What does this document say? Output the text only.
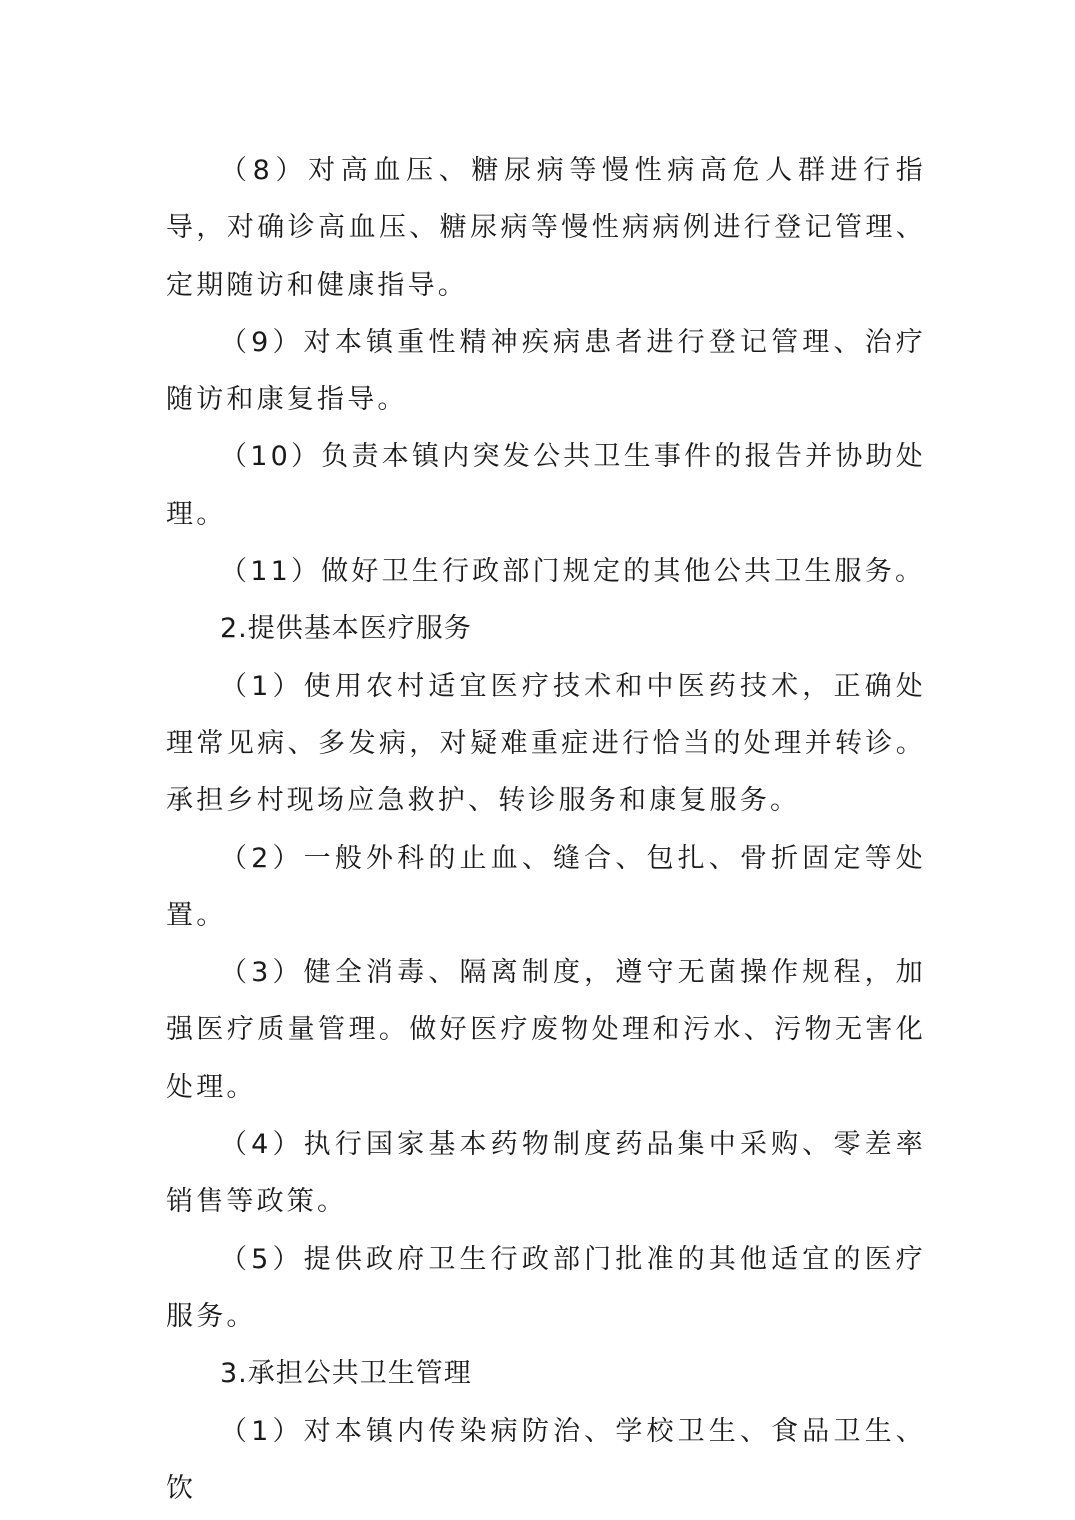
（8）对高血压、糖尿病等慢性病高危人群进行指导，对确诊高血压、糖尿病等慢性病病例进行登记管理、定期随访和健康指导。

（9）对本镇重性精神疾病患者进行登记管理、治疗随访和康复指导。

（10）负责本镇内突发公共卫生事件的报告并协助处理。

（11）做好卫生行政部门规定的其他公共卫生服务。

2.提供基本医疗服务

（1）使用农村适宜医疗技术和中医药技术，正确处理常见病、多发病，对疑难重症进行恰当的处理并转诊。承担乡村现场应急救护、转诊服务和康复服务。

（2）一般外科的止血、缝合、包扎、骨折固定等处置。

（3）健全消毒、隔离制度，遵守无菌操作规程，加强医疗质量管理。做好医疗废物处理和污水、污物无害化处理。

（4）执行国家基本药物制度药品集中采购、零差率销售等政策。

（5）提供政府卫生行政部门批准的其他适宜的医疗服务。

3.承担公共卫生管理

（1）对本镇内传染病防治、学校卫生、食品卫生、饮
